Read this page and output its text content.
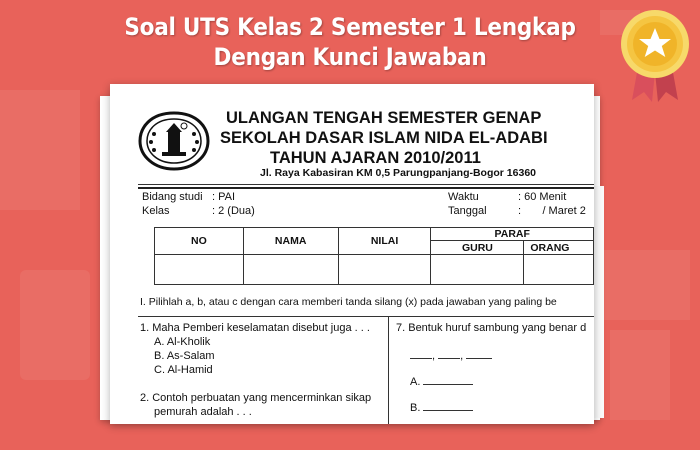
Soal UTS Kelas 2 Semester 1 Lengkap
Dengan Kunci Jawaban
ULANGAN TENGAH SEMESTER GENAP
SEKOLAH DASAR ISLAM NIDA EL-ADABI
TAHUN AJARAN 2010/2011
Jl. Raya Kabasiran KM 0,5 Parungpanjang-Bogor 16360
Bidang studi : PAI
Kelas	: 2 (Dua)
Waktu	: 60 Menit
Tanggal	:       / Maret 2
NO	NAMA	NILAI	PARAF	
			GURU	ORANG

I. Pilihlah a, b, atau c dengan cara memberi tanda silang (x) pada jawaban yang paling be
1. Maha Pemberi keselamatan disebut juga . . .
A. Al-Kholik
B. As-Salam
C. Al-Hamid
2. Contoh perbuatan yang mencerminkan sikap
pemurah adalah . . .
7. Bentuk huruf sambung yang benar d
, ,
A.
B.
